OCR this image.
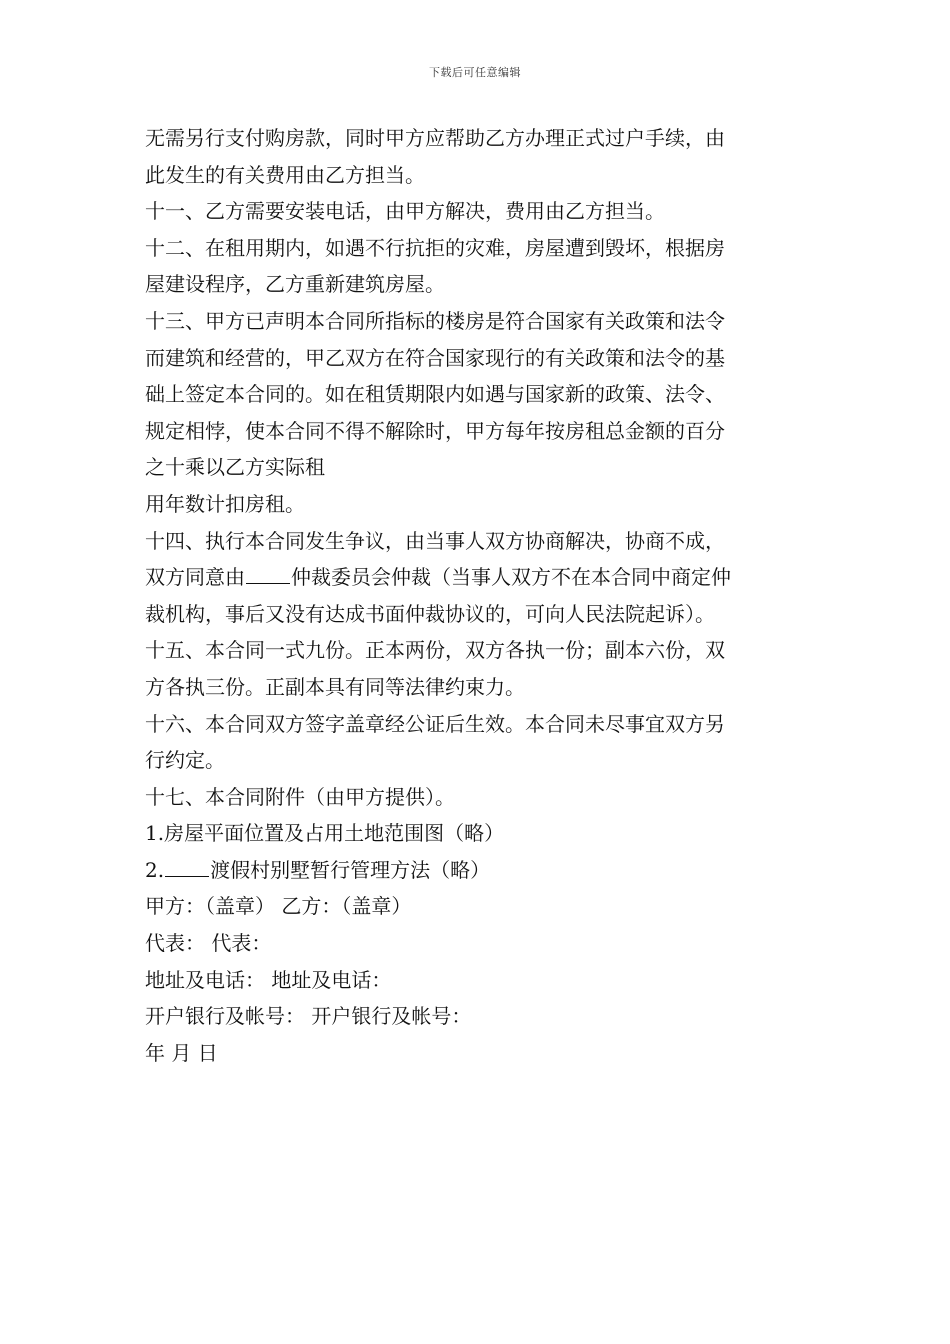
下载后可任意编辑
无需另行支付购房款，同时甲方应帮助乙方办理正式过户手续，由
此发生的有关费用由乙方担当。
十一、乙方需要安装电话，由甲方解决，费用由乙方担当。
十二、在租用期内，如遇不行抗拒的灾难，房屋遭到毁坏，根据房
屋建设程序，乙方重新建筑房屋。
十三、甲方已声明本合同所指标的楼房是符合国家有关政策和法令
而建筑和经营的，甲乙双方在符合国家现行的有关政策和法令的基
础上签定本合同的。如在租赁期限内如遇与国家新的政策、法令、
规定相悖，使本合同不得不解除时，甲方每年按房租总金额的百分
之十乘以乙方实际租
用年数计扣房租。
十四、执行本合同发生争议，由当事人双方协商解决，协商不成，
双方同意由 仲裁委员会仲裁（当事人双方不在本合同中商定仲
裁机构，事后又没有达成书面仲裁协议的，可向人民法院起诉）。
十五、本合同一式九份。正本两份，双方各执一份；副本六份，双
方各执三份。正副本具有同等法律约束力。
十六、本合同双方签字盖章经公证后生效。本合同未尽事宜双方另
行约定。
十七、本合同附件（由甲方提供）。
1.房屋平面位置及占用土地范围图（略）
2. 渡假村别墅暂行管理方法（略）
甲方：（盖章） 乙方：（盖章）
代表： 代表：
地址及电话： 地址及电话：
开户银行及帐号： 开户银行及帐号：
年 月 日
